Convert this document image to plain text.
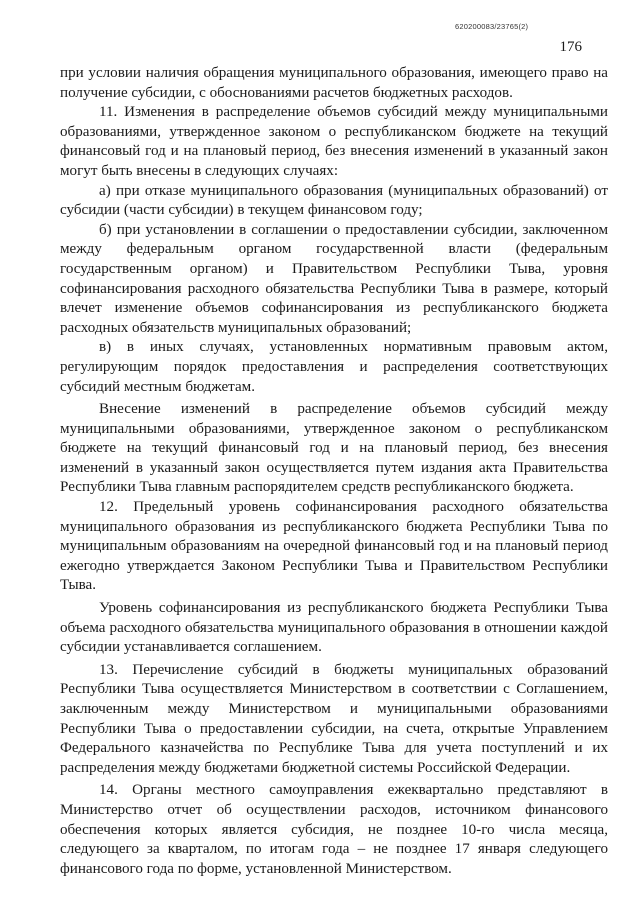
620200083/23765(2)
176

при условии наличия обращения муниципального образования, имеющего право на получение субсидии, с обоснованиями расчетов бюджетных расходов.

11. Изменения в распределение объемов субсидий между муниципальными образованиями, утвержденное законом о республиканском бюджете на текущий финансовый год и на плановый период, без внесения изменений в указанный закон могут быть внесены в следующих случаях:

а) при отказе муниципального образования (муниципальных образований) от субсидии (части субсидии) в текущем финансовом году;

б) при установлении в соглашении о предоставлении субсидии, заключенном между федеральным органом государственной власти (федеральным государственным органом) и Правительством Республики Тыва, уровня софинансирования расходного обязательства Республики Тыва в размере, который влечет изменение объемов софинансирования из республиканского бюджета расходных обязательств муниципальных образований;

в) в иных случаях, установленных нормативным правовым актом, регулирующим порядок предоставления и распределения соответствующих субсидий местным бюджетам.

Внесение изменений в распределение объемов субсидий между муниципальными образованиями, утвержденное законом о республиканском бюджете на текущий финансовый год и на плановый период, без внесения изменений в указанный закон осуществляется путем издания акта Правительства Республики Тыва главным распорядителем средств республиканского бюджета.

12. Предельный уровень софинансирования расходного обязательства муниципального образования из республиканского бюджета Республики Тыва по муниципальным образованиям на очередной финансовый год и на плановый период ежегодно утверждается Законом Республики Тыва и Правительством Республики Тыва.

Уровень софинансирования из республиканского бюджета Республики Тыва объема расходного обязательства муниципального образования в отношении каждой субсидии устанавливается соглашением.

13. Перечисление субсидий в бюджеты муниципальных образований Республики Тыва осуществляется Министерством в соответствии с Соглашением, заключенным между Министерством и муниципальными образованиями Республики Тыва о предоставлении субсидии, на счета, открытые Управлением Федерального казначейства по Республике Тыва для учета поступлений и их распределения между бюджетами бюджетной системы Российской Федерации.

14. Органы местного самоуправления ежеквартально представляют в Министерство отчет об осуществлении расходов, источником финансового обеспечения которых является субсидия, не позднее 10-го числа месяца, следующего за кварталом, по итогам года – не позднее 17 января следующего финансового года по форме, установленной Министерством.
